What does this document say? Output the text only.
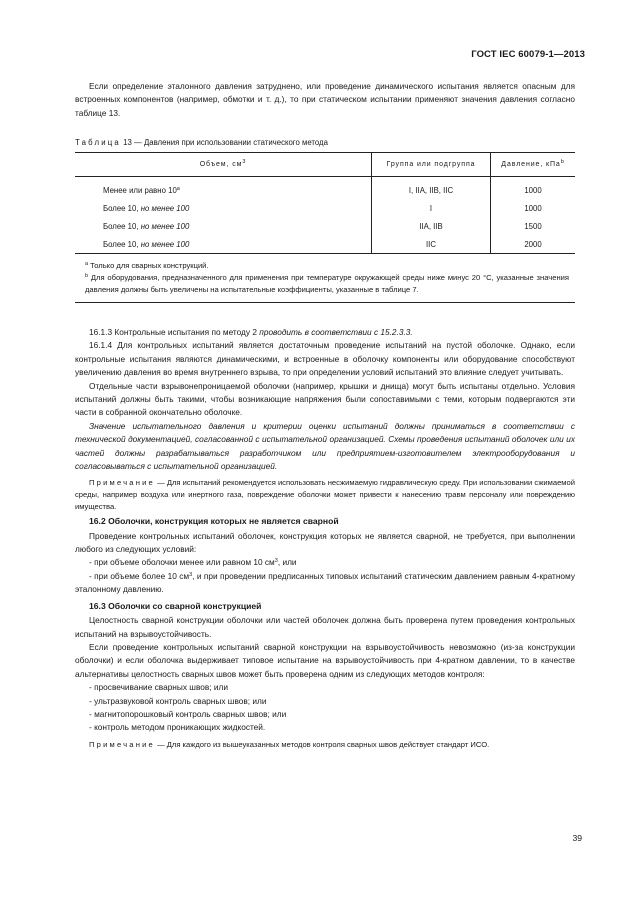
ГОСТ IEC 60079-1—2013

Если определение эталонного давления затруднено, или проведение динамического испытания является опасным для встроенных компонентов (например, обмотки и т. д.), то при статическом испытании применяют значения давления согласно таблице 13.

Таблица 13 — Давления при использовании статического метода
Объем, $см^3$	Группа или подгруппа	Давление, кПа$^b$

Менее или равно 10$^a$	I, IIA, IIB, IIC	1000
Более 10, но менее 100	I	1000
Более 10, но менее 100	IIA, IIB	1500
Более 10, но менее 100	IIC	2000

$^a$ Только для сварных конструкций.
$^b$ Для оборудования, предназначенного для применения при температуре окружающей среды ниже минус 20 °С, указанные значения давления должны быть увеличены на испытательные коэффициенты, указанные в таблице 7.		

16.1.3 Контрольные испытания по методу 2 проводить в соответствии с 15.2.3.3.

16.1.4 Для контрольных испытаний является достаточным проведение испытаний на пустой оболочке. Однако, если контрольные испытания являются динамическими, и встроенные в оболочку компоненты или оборудование способствуют увеличению давления во время внутреннего взрыва, то при определении условий испытаний это влияние следует учитывать.

Отдельные части взрывонепроницаемой оболочки (например, крышки и днища) могут быть испытаны отдельно. Условия испытаний должны быть такими, чтобы возникающие напряжения были сопоставимыми с теми, которым подвергаются эти части в собранной окончательно оболочке.

Значение испытательного давления и критерии оценки испытаний должны приниматься в соответствии с технической документацией, согласованной с испытательной организацией. Схемы проведения испытаний оболочек или их частей должны разрабатываться разработчиком или предприятием-изготовителем электрооборудования и согласовываться с испытательной организацией.

Примечание — Для испытаний рекомендуется использовать несжимаемую гидравлическую среду. При использовании сжимаемой среды, например воздуха или инертного газа, повреждение оболочки может привести к нанесению травм персоналу или повреждению имущества.

16.2 Оболочки, конструкция которых не является сварной

Проведение контрольных испытаний оболочек, конструкция которых не является сварной, не требуется, при выполнении любого из следующих условий:

- при объеме оболочки менее или равном 10 $см^3$, или

- при объеме более 10 $см^3$, и при проведении предписанных типовых испытаний статическим давлением равным 4-кратному эталонному давлению.

16.3 Оболочки со сварной конструкцией

Целостность сварной конструкции оболочки или частей оболочек должна быть проверена путем проведения контрольных испытаний на взрывоустойчивость.

Если проведение контрольных испытаний сварной конструкции на взрывоустойчивость невозможно (из-за конструкции оболочки) и если оболочка выдерживает типовое испытание на взрывоустойчивость при 4-кратном давлении, то в качестве альтернативы целостность сварных швов может быть проверена одним из следующих методов контроля:

- просвечивание сварных швов; или

- ультразвуковой контроль сварных швов; или

- магнитопорошковый контроль сварных швов; или

- контроль методом проникающих жидкостей.

Примечание — Для каждого из вышеуказанных методов контроля сварных швов действует стандарт ИСО.

39
